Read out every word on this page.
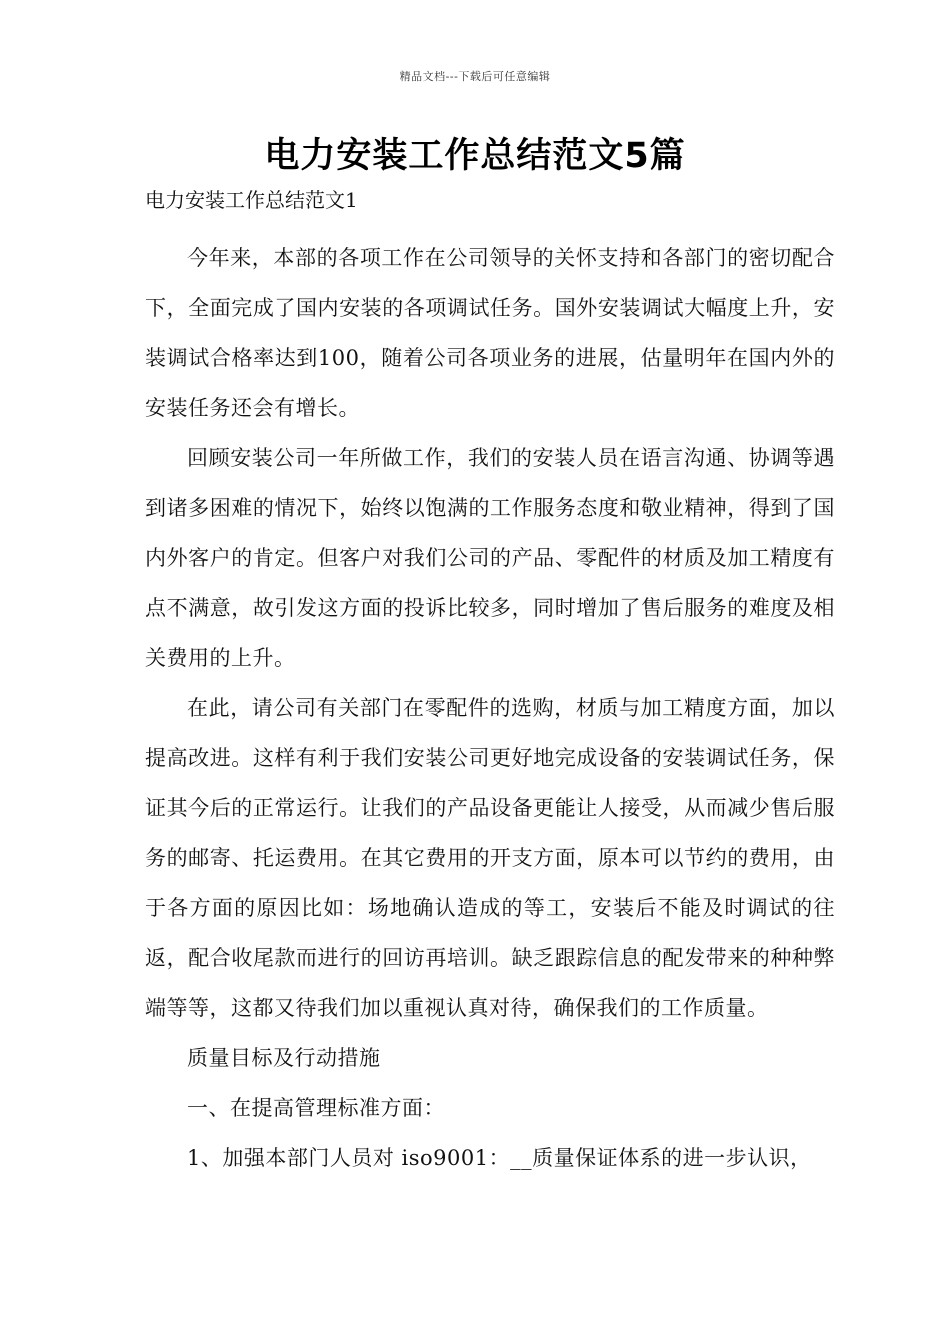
精品文档---下载后可任意编辑
电力安装工作总结范文5篇

电力安装工作总结范文1

今年来，本部的各项工作在公司领导的关怀支持和各部门的密切配合下，全面完成了国内安装的各项调试任务。国外安装调试大幅度上升，安装调试合格率达到100，随着公司各项业务的进展，估量明年在国内外的安装任务还会有增长。

回顾安装公司一年所做工作，我们的安装人员在语言沟通、协调等遇到诸多困难的情况下，始终以饱满的工作服务态度和敬业精神，得到了国内外客户的肯定。但客户对我们公司的产品、零配件的材质及加工精度有点不满意，故引发这方面的投诉比较多，同时增加了售后服务的难度及相关费用的上升。

在此，请公司有关部门在零配件的选购，材质与加工精度方面，加以提高改进。这样有利于我们安装公司更好地完成设备的安装调试任务，保证其今后的正常运行。让我们的产品设备更能让人接受，从而减少售后服务的邮寄、托运费用。在其它费用的开支方面，原本可以节约的费用，由于各方面的原因比如：场地确认造成的等工，安装后不能及时调试的往返，配合收尾款而进行的回访再培训。缺乏跟踪信息的配发带来的种种弊端等等，这都又待我们加以重视认真对待，确保我们的工作质量。

质量目标及行动措施

一、在提高管理标准方面：

1、加强本部门人员对 iso9001：__质量保证体系的进一步认识，
